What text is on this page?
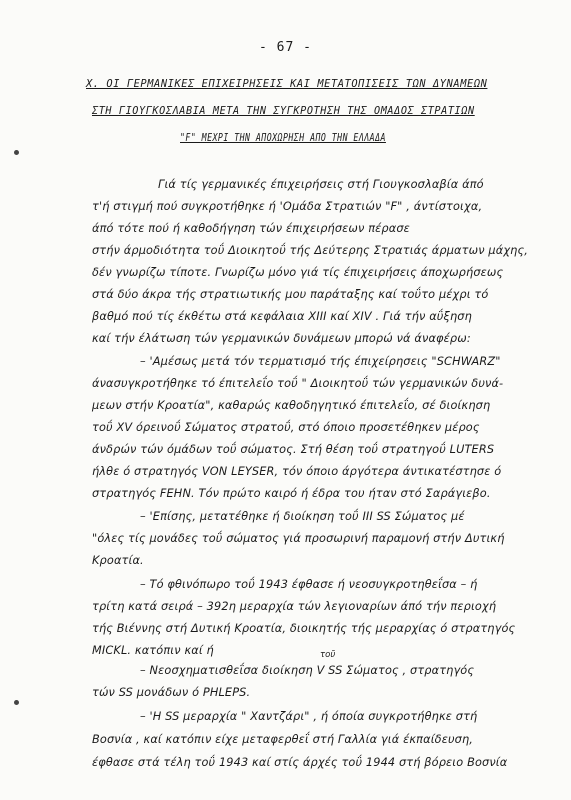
- 67 -
Χ. ΟΙ ΓΕΡΜΑΝΙΚΕΣ ΕΠΙΧΕΙΡΗΣΕΙΣ ΚΑΙ ΜΕΤΑΤΟΠΙΣΕΙΣ ΤΩΝ ΔΥΝΑΜΕΩΝ
ΣΤΗ ΓΙΟΥΓΚΟΣΛΑΒΙΑ ΜΕΤΑ ΤΗΝ ΣΥΓΚΡΟΤΗΣΗ ΤΗΣ ΟΜΑΔΟΣ ΣΤΡΑΤΙΩΝ
"F" ΜΕΧΡΙ ΤΗΝ ΑΠΟΧΩΡΗΣΗ ΑΠΟ ΤΗΝ ΕΛΛΑΔΑ
Γιά τίς γερμανικές έπιχειρήσεις στή Γιουγκοσλαβία άπό
τ'ή στιγμή πού συγκροτήθηκε ή 'Ομάδα Στρατιών "F" , άντίστοιχα,
άπό τότε πού ή καθοδήγηση τών έπιχειρήσεων πέρασε
στήν άρμοδιότητα τοΰ Διοικητοΰ τής Δεύτερης Στρατιάς άρματων μάχης,
δέν γνωρίζω τίποτε. Γνωρίζω μόνο γιά τίς έπιχειρήσεις άποχωρήσεως
στά δύο άκρα τής στρατιωτικής μου παράταξης καί τοΰτο μέχρι τό
βαθμό πού τίς έκθέτω στά κεφάλαια XIII καί XIV . Γιά τήν αΰξηση
καί τήν έλάτωση τών γερμανικών δυνάμεων μπορώ νά άναφέρω:
– 'Αμέσως μετά τόν τερματισμό τής έπιχείρησεις "SCHWARZ"
άνασυγκροτήθηκε τό έπιτελεΐο τοΰ " Διοικητοΰ τών γερμανικών δυνά-
μεων στήν Κροατία", καθαρώς καθοδηγητικό έπιτελεΐο, σέ διοίκηση
τοΰ XV όρεινοΰ Σώματος στρατοΰ, στό όποιο προσετέθηκεν μέρος
άνδρών τών όμάδων τοΰ σώματος. Στή θέση τοΰ στρατηγοΰ LUTERS
ήλθε ό στρατηγός VON LEYSER, τόν όποιο άργότερα άντικατέστησε ό
στρατηγός FEHN. Τόν πρώτο καιρό ή έδρα του ήταν στό Σαράγιεβο.
– 'Επίσης, μετατέθηκε ή διοίκηση τοΰ III SS Σώματος μέ
"όλες τίς μονάδες τοΰ σώματος γιά προσωρινή παραμονή στήν Δυτική
Κροατία.
– Τό φθινόπωρο τοΰ 1943 έφθασε ή νεοσυγκροτηθεΐσα – ή
τρίτη κατά σειρά – 392η μεραρχία τών λεγιοναρίων άπό τήν περιοχή
τής Βιέννης στή Δυτική Κροατία, διοικητής τής μεραρχίας ό στρατηγός
MICKL. κατόπιν καί ή	τοῦ
– Νεοσχηματισθεΐσα διοίκηση V SS Σώματος , στρατηγός
τών SS μονάδων ό PHLEPS.
– 'Η SS μεραρχία " Χαντζάρι" , ή όποία συγκροτήθηκε στή
Βοσνία , καί κατόπιν είχε μεταφερθεΐ στή Γαλλία γιά έκπαίδευση,
έφθασε στά τέλη τοΰ 1943 καί στίς άρχές τοΰ 1944 στή βόρειο Βοσνία
